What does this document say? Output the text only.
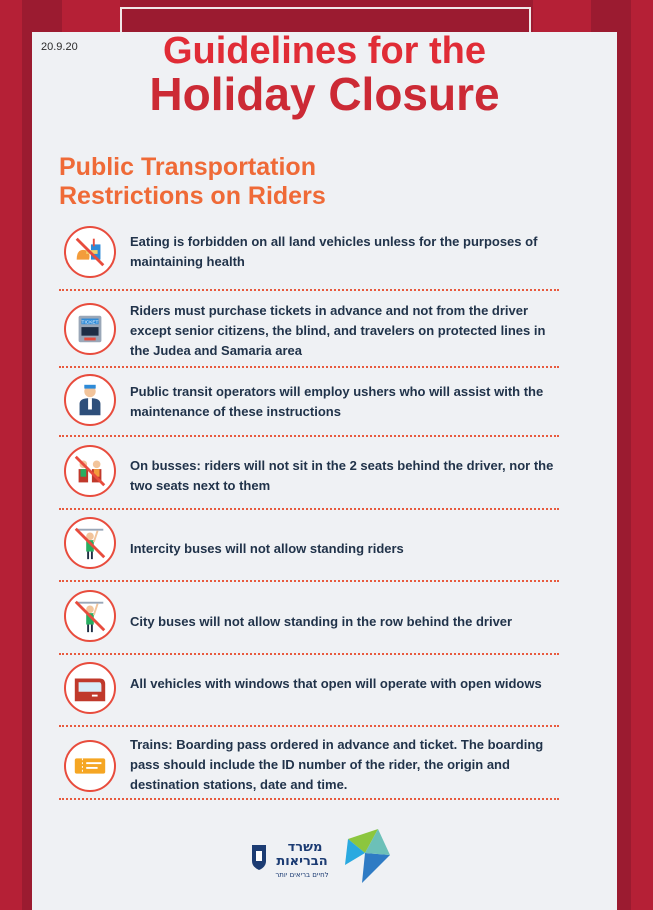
20.9.20	Guidelines for the
Holiday Closure
Public Transportation Restrictions on Riders
Eating is forbidden on all land vehicles unless for the purposes of maintaining health
TICKET
Riders must purchase tickets in advance and not from the driver except senior citizens, the blind, and travelers on protected lines in the Judea and Samaria area
Public transit operators will employ ushers who will assist with the maintenance of these instructions
On busses: riders will not sit in the 2 seats behind the driver, nor the two seats next to them
Intercity buses will not allow standing riders
City buses will not allow standing in the row behind the driver
All vehicles with windows that open will operate with open widows
Trains: Boarding pass ordered in advance and ticket. The boarding pass should include the ID number of the rider, the origin and destination stations, date and time.
משרד
הבריאות
לחיים בריאים יותר
